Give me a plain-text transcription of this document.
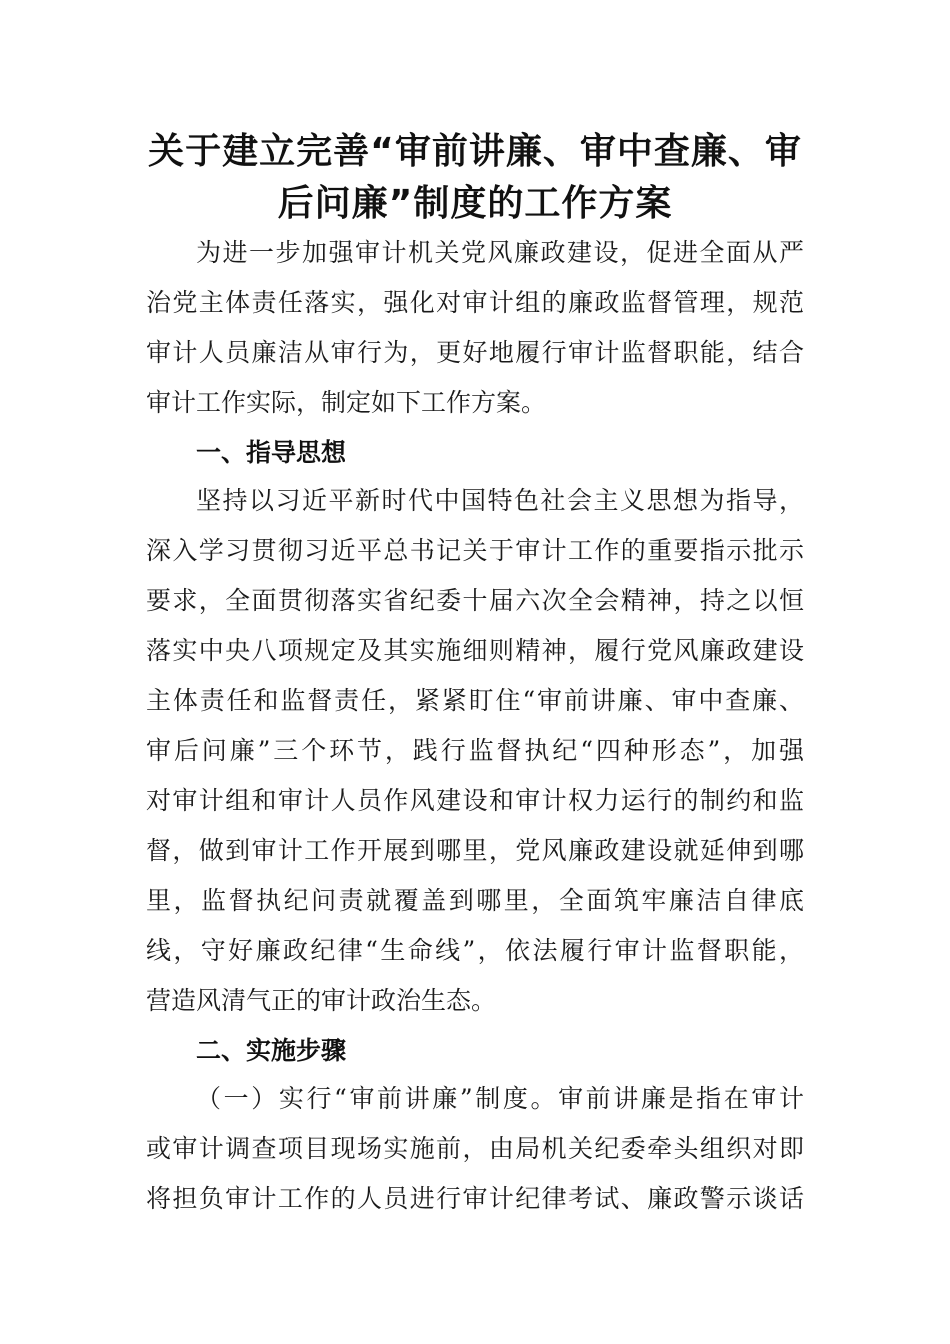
关于建立完善“审前讲廉、审中查廉、审
后问廉”制度的工作方案

为进一步加强审计机关党风廉政建设，促进全面从严

治党主体责任落实，强化对审计组的廉政监督管理，规范

审计人员廉洁从审行为，更好地履行审计监督职能，结合

审计工作实际，制定如下工作方案。

一、指导思想

坚持以习近平新时代中国特色社会主义思想为指导，

深入学习贯彻习近平总书记关于审计工作的重要指示批示

要求，全面贯彻落实省纪委十届六次全会精神，持之以恒

落实中央八项规定及其实施细则精神，履行党风廉政建设

主体责任和监督责任，紧紧盯住“审前讲廉、审中查廉、

审后问廉”三个环节，践行监督执纪“四种形态”，加强

对审计组和审计人员作风建设和审计权力运行的制约和监

督，做到审计工作开展到哪里，党风廉政建设就延伸到哪

里，监督执纪问责就覆盖到哪里，全面筑牢廉洁自律底

线，守好廉政纪律“生命线”，依法履行审计监督职能，

营造风清气正的审计政治生态。

二、实施步骤

（一）实行“审前讲廉”制度。审前讲廉是指在审计

或审计调查项目现场实施前，由局机关纪委牵头组织对即

将担负审计工作的人员进行审计纪律考试、廉政警示谈话
